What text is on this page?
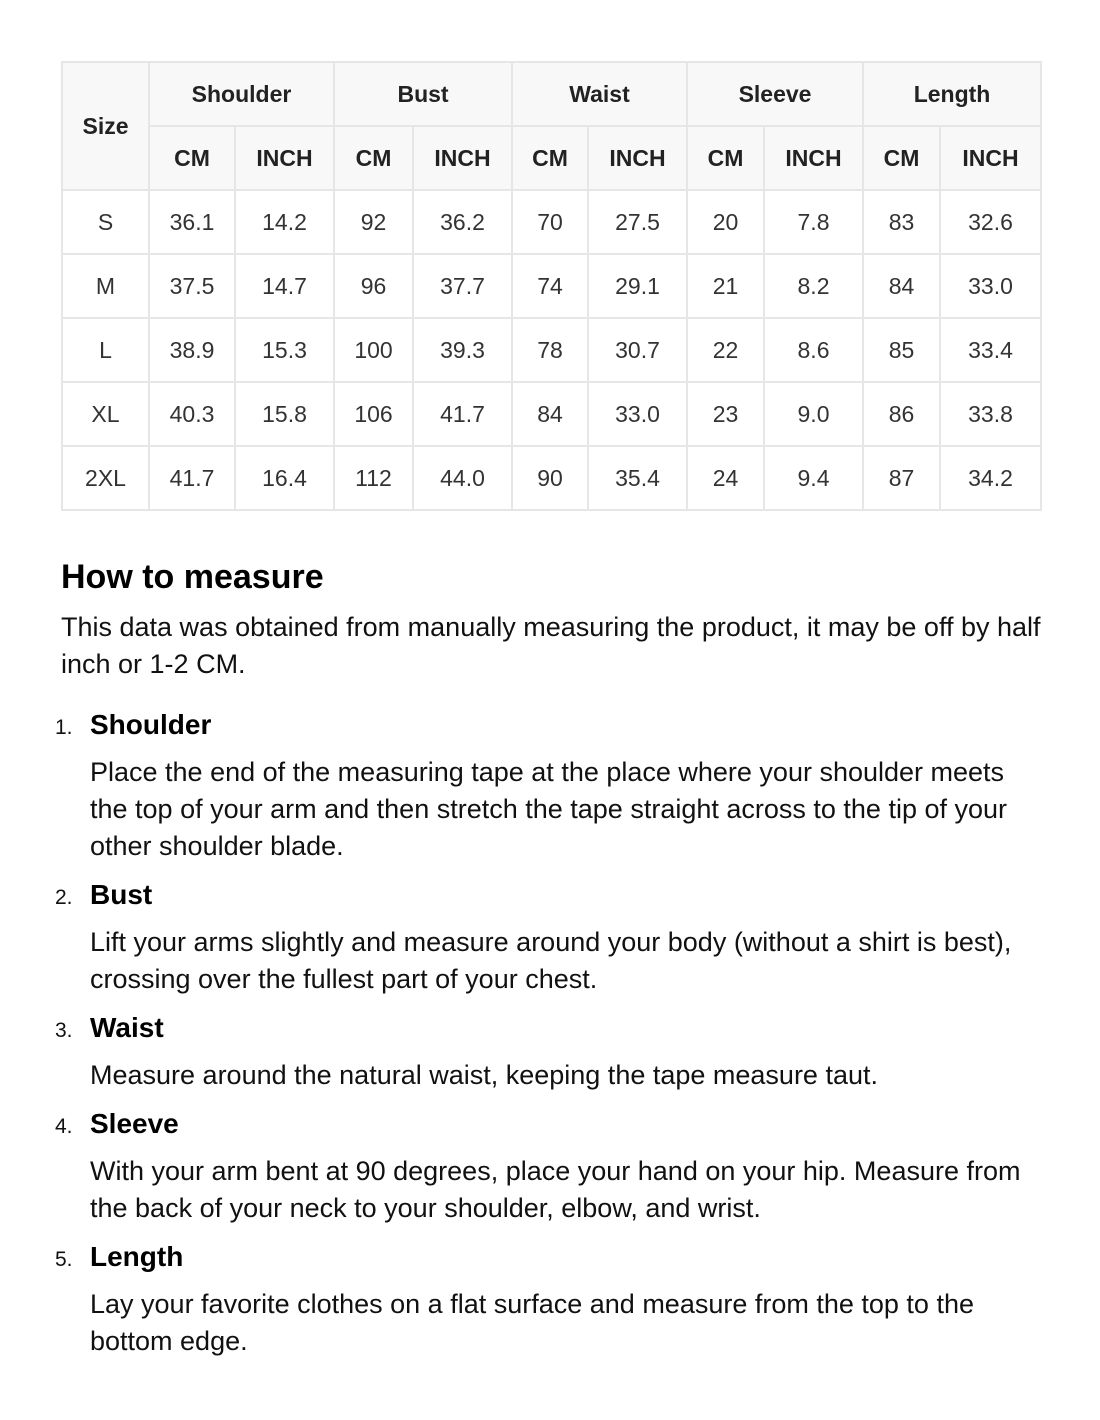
Size	Shoulder		Bust		Waist		Sleeve		Length	
	CM	INCH	CM	INCH	CM	INCH	CM	INCH	CM	INCH
S	36.1	14.2	92	36.2	70	27.5	20	7.8	83	32.6
M	37.5	14.7	96	37.7	74	29.1	21	8.2	84	33.0
L	38.9	15.3	100	39.3	78	30.7	22	8.6	85	33.4
XL	40.3	15.8	106	41.7	84	33.0	23	9.0	86	33.8
2XL	41.7	16.4	112	44.0	90	35.4	24	9.4	87	34.2
How to measure

This data was obtained from manually measuring the product, it may be off by half inch or 1-2 CM.

1. Shoulder
Place the end of the measuring tape at the place where your shoulder meets the top of your arm and then stretch the tape straight across to the tip of your other shoulder blade.
2. Bust
Lift your arms slightly and measure around your body (without a shirt is best), crossing over the fullest part of your chest.
3. Waist
Measure around the natural waist, keeping the tape measure taut.
4. Sleeve
With your arm bent at 90 degrees, place your hand on your hip. Measure from the back of your neck to your shoulder, elbow, and wrist.
5. Length
Lay your favorite clothes on a flat surface and measure from the top to the bottom edge.
